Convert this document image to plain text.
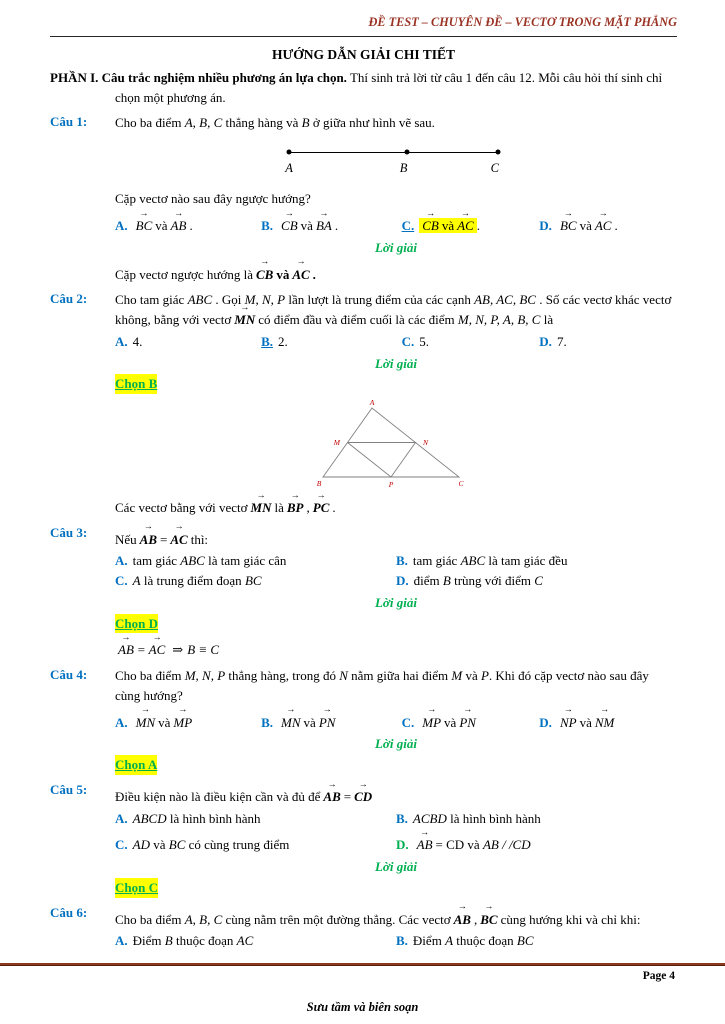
ĐỀ TEST – CHUYÊN ĐỀ – VECTƠ TRONG MẶT PHẲNG
HƯỚNG DẪN GIẢI CHI TIẾT

PHẦN I. Câu trắc nghiệm nhiều phương án lựa chọn. Thí sinh trả lời từ câu 1 đến câu 12. Mỗi câu hỏi thí sinh chỉ chọn một phương án.

Câu 1:	Cho ba điểm A, B, C thẳng hàng và B ở giữa như hình vẽ sau.

A	B	C

Cặp vectơ nào sau đây ngược hướng?

A. BC → và AB → .	B. CB → và BA → .	C. CB → và AC → .	D. BC → và AC → .

Lời giải

Cặp vectơ ngược hướng là CB → và AC → .

Câu 2:	Cho tam giác ABC . Gọi M, N, P lần lượt là trung điểm của các cạnh AB, AC, BC . Số các vectơ khác vectơ không, bằng với vectơ MN → có điểm đầu và điểm cuối là các điểm M, N, P, A, B, C là

A. 4.	B. 2.	C. 5.	D. 7.

Lời giải

Chọn B

A
M	N
B	P	C

Các vectơ bằng với vectơ MN → là BP → , PC → .

Câu 3:	Nếu AB → = AC → thì:

A. tam giác ABC là tam giác cân	B. tam giác ABC là tam giác đều
C. A là trung điểm đoạn BC	D. điểm B trùng với điểm C

Lời giải

Chọn D

AB → = AC → ⇒ B ≡ C

Câu 4:	Cho ba điểm M, N, P thẳng hàng, trong đó N nằm giữa hai điểm M và P. Khi đó cặp vectơ nào sau đây cùng hướng?

A. MN → và MP →	B. MN → và PN →	C. MP → và PN →	D. NP → và NM →

Lời giải

Chọn A

Câu 5:	Điều kiện nào là điều kiện cần và đủ để AB → = CD →

A. ABCD là hình bình hành	B. ACBD là hình bình hành
C. AD và BC có cùng trung điểm	D. AB → = CD và AB / /CD

Lời giải

Chọn C

Câu 6:	Cho ba điểm A, B, C cùng nằm trên một đường thẳng. Các vectơ AB → , BC → cùng hướng khi và chỉ khi:

A. Điểm B thuộc đoạn AC	B. Điểm A thuộc đoạn BC
Page 4
Sưu tầm và biên soạn
